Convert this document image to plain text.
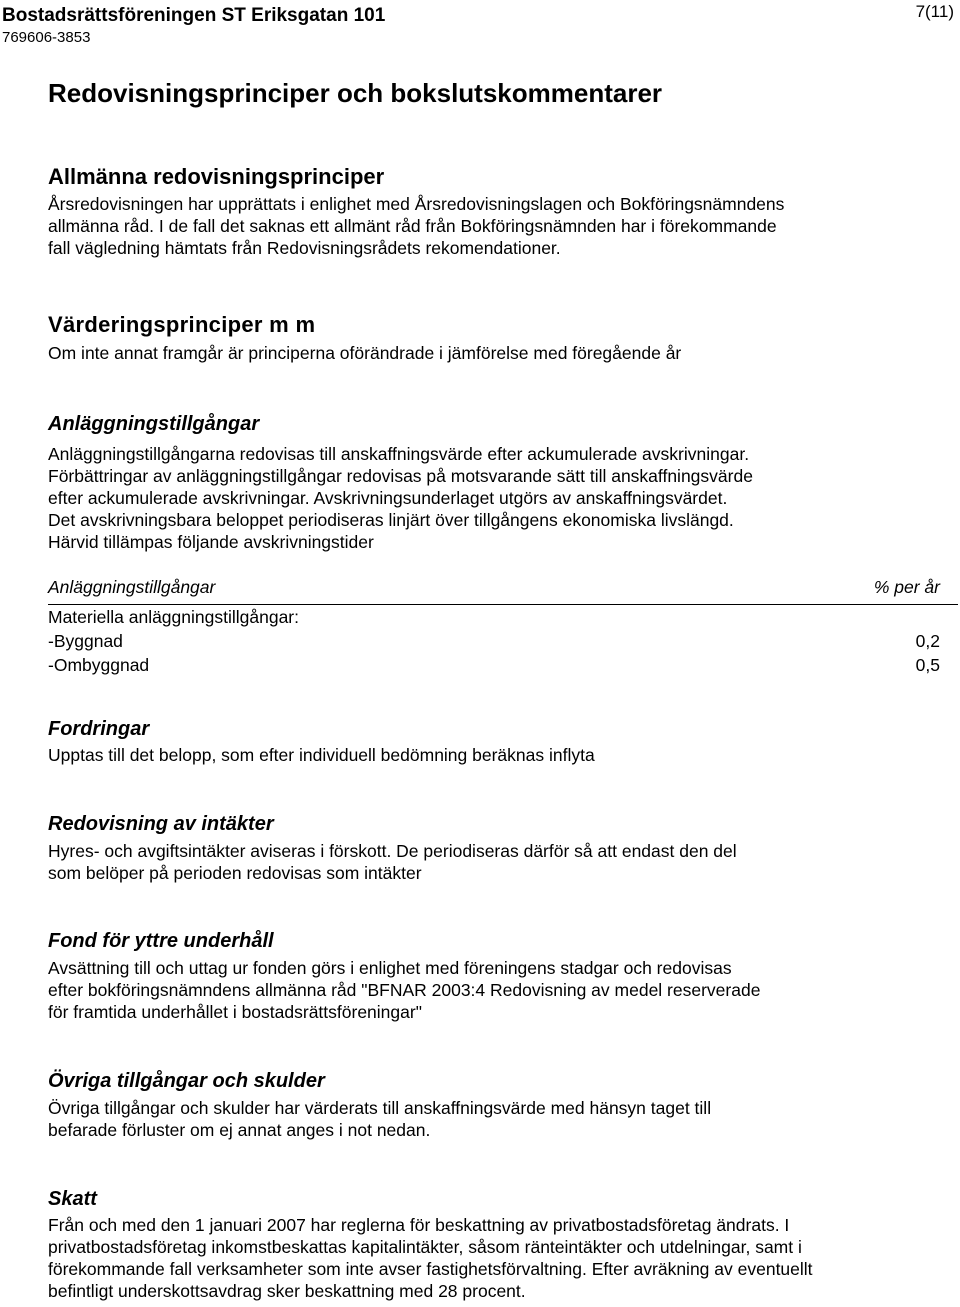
Bostadsrättsföreningen ST Eriksgatan 101
769606-3853
7(11)
Redovisningsprinciper och bokslutskommentarer
Allmänna redovisningsprinciper
Årsredovisningen har upprättats i enlighet med Årsredovisningslagen och Bokföringsnämndens
allmänna råd. I de fall det saknas ett allmänt råd från Bokföringsnämnden har i förekommande
fall vägledning hämtats från Redovisningsrådets rekomendationer.
Värderingsprinciper m m
Om inte annat framgår är principerna oförändrade i jämförelse med föregående år
Anläggningstillgångar
Anläggningstillgångarna redovisas till anskaffningsvärde efter ackumulerade avskrivningar.
Förbättringar av anläggningstillgångar redovisas på motsvarande sätt till anskaffningsvärde
efter ackumulerade avskrivningar. Avskrivningsunderlaget utgörs av anskaffningsvärdet.
Det avskrivningsbara beloppet periodiseras linjärt över tillgångens ekonomiska livslängd.
Härvid tillämpas följande avskrivningstider
Anläggningstillgångar	% per år
Materiella anläggningstillgångar:
-Byggnad	0,2
-Ombyggnad	0,5
Fordringar
Upptas till det belopp, som efter individuell bedömning beräknas inflyta
Redovisning av intäkter
Hyres- och avgiftsintäkter aviseras i förskott. De periodiseras därför så att endast den del
som belöper på perioden redovisas som intäkter
Fond för yttre underhåll
Avsättning till och uttag ur fonden görs i enlighet med föreningens stadgar och redovisas
efter bokföringsnämndens allmänna råd "BFNAR 2003:4 Redovisning av medel reserverade
för framtida underhållet i bostadsrättsföreningar"
Övriga tillgångar och skulder
Övriga tillgångar och skulder har värderats till anskaffningsvärde med hänsyn taget till
befarade förluster om ej annat anges i not nedan.
Skatt
Från och med den 1 januari 2007 har reglerna för beskattning av privatbostadsföretag ändrats. I
privatbostadsföretag inkomstbeskattas kapitalintäkter, såsom ränteintäkter och utdelningar, samt i
förekommande fall verksamheter som inte avser fastighetsförvaltning. Efter avräkning av eventuellt
befintligt underskottsavdrag sker beskattning med 28 procent.
